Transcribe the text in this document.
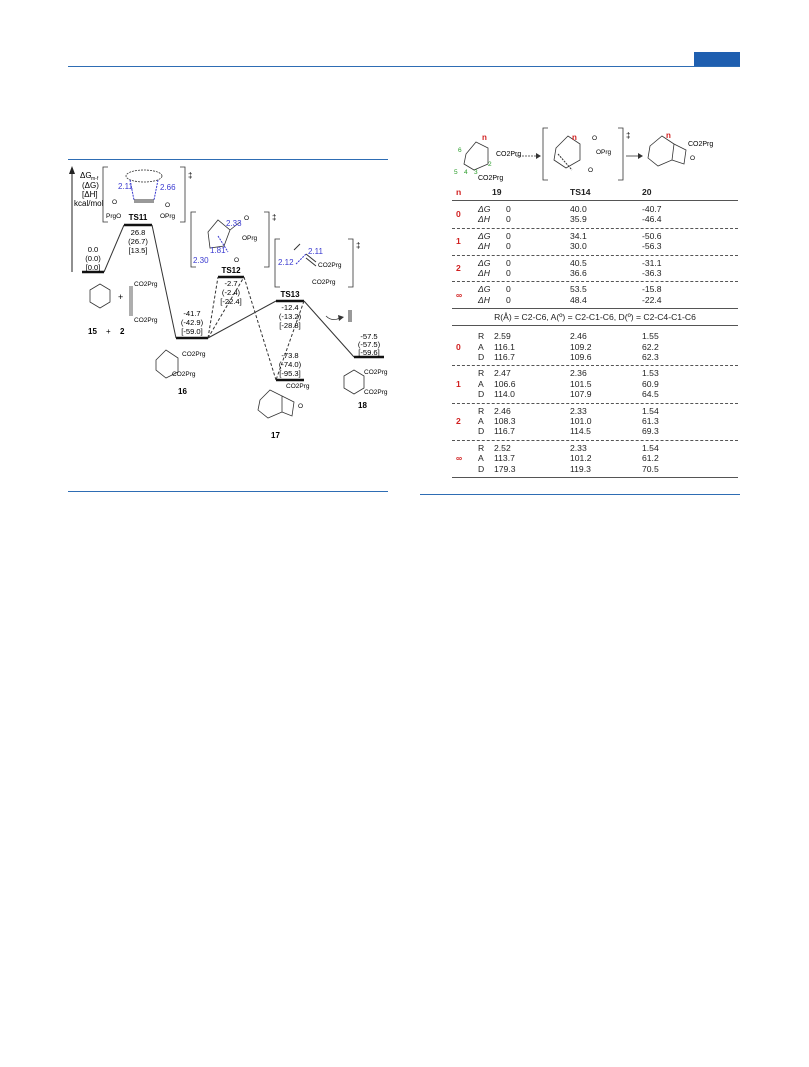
ΔG m-f
(ΔG)
[ΔH]
kcal/mol
0.0
(0.0)
[0.0]
TS11
26.8
(26.7)
[13.5]
-41.7
(-42.9)
[-59.0]
TS12
-2.7
(-2.4)
[-22.4]
TS13
-12.4
(-13.2)
[-28.8]
-73.8
(-74.0)
[-95.3]
-57.5
(-57.5)
[-59.6]
‡
2.11	2.66
O	O
PrgO	OPrg	‡
2.33
1.81
2.30
O
OPrg
O
‡
2.11
2.12	CO2Prg
CO2Prg
+
CO2Prg
CO2Prg
15 + 2
CO2Prg
CO2Prg
16
CO2Prg
O
17
CO2Prg
CO2Prg
18
n
CO2Prg
CO2Prg
6
5 4 3
2
‡
n O
OPrg
O
n
CO2Prg
O
n	19	TS14	20
0
ΔG 0	40.0	-40.7
ΔH 0	35.9	-46.4
1
ΔG 0	34.1	-50.6
ΔH 0	30.0	-56.3
2
ΔG 0	40.5	-31.1
ΔH 0	36.6	-36.3
∞
ΔG 0	53.5	-15.8
ΔH 0	48.4	-22.4
R(Å) = C2-C6, A(º) = C2-C1-C6, D(º) = C2-C4-C1-C6
0
R 2.59	2.46	1.55
A 116.1	109.2	62.2
D 116.7	109.6	62.3
1
R 2.47	2.36	1.53
A 106.6	101.5	60.9
D 114.0	107.9	64.5
2
R 2.46	2.33	1.54
A 108.3	101.0	61.3
D 116.7	114.5	69.3
∞
R 2.52	2.33	1.54
A 113.7	101.2	61.2
D 179.3	119.3	70.5
